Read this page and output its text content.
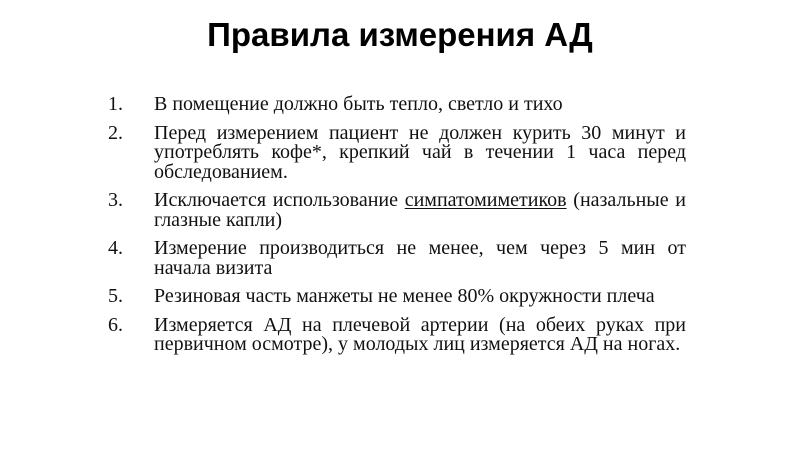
Правила измерения АД
1.	В помещение должно быть тепло, светло и тихо
2.	Перед измерением пациент не должен курить 30 минут и употреблять кофе*, крепкий чай в течении 1 часа перед обследованием.
3.	Исключается использование симпатомиметиков (назальные и глазные капли)
4.	Измерение производиться не менее, чем через 5 мин от начала визита
5.	Резиновая часть манжеты не менее 80% окружности плеча
6.	Измеряется АД на плечевой артерии (на обеих руках при первичном осмотре), у молодых лиц измеряется АД на ногах.
